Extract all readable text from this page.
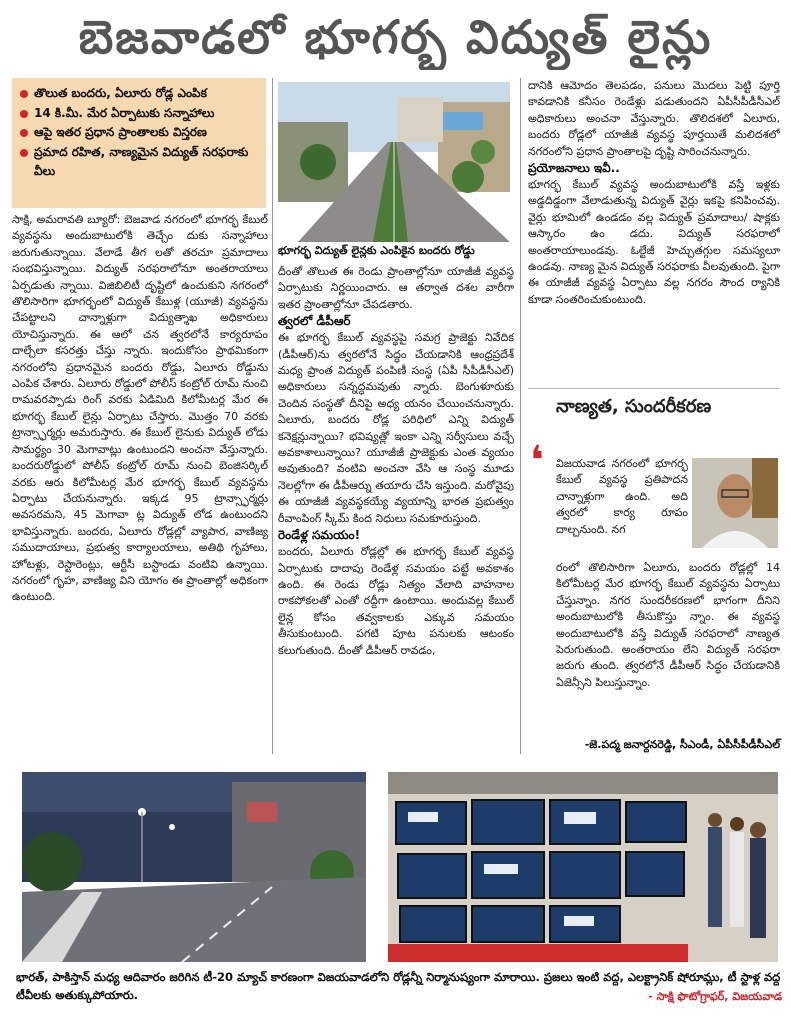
బెజవాడలో భూగర్భ విద్యుత్ లైన్లు
తొలుత బందరు, ఏలూరు రోడ్ల ఎంపిక
14 కి.మీ. మేర ఏర్పాటుకు సన్నాహాలు
ఆపై ఇతర ప్రధాన ప్రాంతాలకు విస్తరణ
ప్రమాద రహిత, నాణ్యమైన విద్యుత్ సరఫరాకు వీలు

సాక్షి, అమరావతి బ్యూరో: బెజవాడ నగరంలో భూగర్భ కేబుల్ వ్యవస్థను అందుబాటులోకి తెచ్చేం దుకు సన్నాహాలు జరుగుతున్నాయి. వేలాడే తీగ లతో తరచూ ప్రమాదాలు సంభవిస్తున్నాయి. విద్యుత్ సరఫరాలోనూ అంతరాయాలు ఏర్పడుతు న్నాయి. విజిబిలిటీ దృష్టిలో ఉంచుకుని నగరంలో తొలిసారిగా భూగర్భంలో విద్యుత్ కేబుళ్ల (యూజీ) వ్యవస్థను చేపట్టాలని చాన్నాళ్లుగా విద్యుత్శాఖ అధికారులు యోచిస్తున్నారు. ఈ ఆలో చన త్వరలోనే కార్యరూపం దాల్చేలా కసరత్తు చేస్తు న్నారు. ఇందుకోసం ప్రాథమికంగా నగరంలోని ప్రధానమైన బందరు రోడ్డు, ఏలూరు రోడ్డును ఎంపిక చేశారు. ఏలూరు రోడ్డులో పోలీస్ కంట్రోల్ రూమ్ నుంచి రామవరప్పాడు రింగ్ వరకు ఏడిమిది కిలోమీటర్ల మేర ఈ భూగర్భ కేబుల్ లైన్లు ఏర్పాటు చేస్తారు. మొత్తం 70 వరకు ట్రాన్స్ఫార్మర్లు అమరుస్తారు. ఈ కేబుల్ లైనుకు విద్యుత్ లోడు సామర్థ్యం 30 మెగావాట్లు ఉంటుందని అంచనా వేస్తున్నారు. బందరురోడ్డులో పోలీస్ కంట్రోల్ రూమ్ నుంచి బెంజిసర్కిల్ వరకు ఆరు కిలోమీటర్ల మేర భూగర్భ కేబుల్ వ్యవస్థను ఏర్పాటు చేయనున్నారు. ఇక్కడ 95 ట్రాన్స్ఫార్మర్లు అవసరమని, 45 మెగావా ట్ల విద్యుత్ లోడ ఉంటుందని భావిస్తున్నారు. బందరు, ఏలూరు రోడ్లల్లో వ్యాపార, వాణిజ్య సముదాయాలు, ప్రభుత్వ కార్యాలయాలు, అతిథి గృహాలు, హోటళ్లు, రెస్టారెంట్లు, ఆర్టీసీ బస్టాండు వంటివి ఉన్నాయి. నగరంలో గృహ, వాణిజ్య విని యోగం ఈ ప్రాంతాల్లో అధికంగా ఉంటుంది.

భూగర్భ విద్యుత్ లైన్లకు ఎంపికైన బందరు రోడ్డు

దీంతో తొలుత ఈ రెండు ప్రాంతాల్లోనూ యాజీజీ వ్యవస్థ ఏర్పాటుకు నిర్ణయించారు. ఆ తర్వాత దశల వారీగా ఇతర ప్రాంతాల్లోనూ చేపడతారు.

త్వరలో డీపీఆర్

ఈ భూగర్భ కేబుల్ వ్యవస్థపై సమగ్ర ప్రాజెక్టు నివేదిక (డీపీఆర్)ను త్వరలోనే సిద్ధం చేయడానికి ఆంధ్రప్రదేశ్ మధ్య ప్రాంత విద్యుత్ పంపిణీ సంస్థ (ఏపీ సీపీడీసీఎల్) అధికారులు సన్నద్ధమవుతు న్నారు. బెంగుళూరుకు చెందిన సంస్థతో దీనిపై అధ్య యనం చేయించనున్నారు. ఏలూరు, బందరు రోడ్ల పరిధిలో ఎన్ని విద్యుత్ కనెక్షన్లున్నాయి? భవిష్యత్లో ఇంకా ఎన్ని సర్వీసులు వచ్చే అవకాశాలున్నాయి? యూజీజీ ప్రాజెక్టుకు ఎంత వ్యయం అవుతుంది? వంటివి అంచనా వేసి ఆ సంస్థ మూడు నెలల్లోగా ఈ డీపీఆర్ను తయారు చేసి ఇస్తుంది. మరోవైపు ఈ యాజీజీ వ్యవస్థకయ్యే వ్యయాన్ని భారత ప్రభుత్వం రీవాంపింగ్ స్కీమ్ కింద నిధులు సమకూరుస్తుంది.

రెండేళ్ల సమయం!

బందరు, ఏలూరు రోడ్లల్లో ఈ భూగర్భ కేబుల్ వ్యవస్థ ఏర్పాటుకు దాదాపు రెండేళ్ల సమయం పట్టే అవకాశం ఉంది. ఈ రెండు రోడ్లు నిత్యం వేలాది వాహనాల రాకపోకలతో ఎంతో రద్దీగా ఉంటాయి. అందువల్ల కేబుల్ లైన్ల కోసం తవ్వకాలకు ఎక్కువ సమయం తీసుకుంటుంది. పగటి పూట పనులకు ఆటంకం కలుగుతుంది. దీంతో డీపీఆర్ రావడం,

దానికి ఆమోదం తెలపడం, పనులు మొదలు పెట్టి పూర్తి కావడానికి కనీసం రెండేళ్లు పడుతుందని ఏపీసీపీడీసీఎల్ అధికారులు అంచనా వేస్తున్నారు. తొలిదశలో ఏలూరు, బందరు రోడ్లలో యాజీజీ వ్యవస్థ పూర్తయితే మలిదశలో నగరంలోని ప్రధాన ప్రాంతాలపై దృష్టి సారించనున్నారు.

ప్రయోజనాలు ఇవీ..

భూగర్భ కేబుల్ వ్యవస్థ అందుబాటులోకి వస్తే ఇళ్లకు అడ్డదిడ్డంగా వేలాడుతున్న విద్యుత్ వైర్లు ఇకపై కనిపించవు. వైర్లు భూమిలో ఉండడం వల్ల విద్యుత్ ప్రమాదాలు/ షాక్లకు ఆస్కారం ఉం డదు. విద్యుత్ సరఫరాలో అంతరాయాలుండవు. ఓల్టేజీ హెచ్చుతగ్గుల సమస్యలూ ఉండవు. నాణ్య మైన విద్యుత్ సరఫరాకు వీలవుతుంది. పైగా ఈ యాజీజీ వ్యవస్థ ఏర్పాటు వల్ల నగరం సౌంద ర్యానికి కూడా సంతరించుకుంటుంది.

నాణ్యత, సుందరీకరణ
❛	విజయవాడ నగరంలో భూగర్భ కేబుల్ వ్యవస్థ ప్రతిపాదన చాన్నాళ్లుగా ఉంది. అది త్వరలో కార్య రూపం దాల్చనుంది. నగ
రంలో తొలిసారిగా ఏలూరు, బందరు రోడ్లల్లో 14 కిలోమీటర్ల మేర భూగర్భ కేబుల్ వ్యవస్థను ఏర్పాటు చేస్తున్నాం. నగర సుందరీకరణలో భాగంగా దీనిని అందుబాటులోకి తీసుకొస్తు న్నాం. ఈ వ్యవస్థ అందుబాటులోకి వస్తే విద్యుత్ సరఫరాలో నాణ్యత పెరుగుతుంది. అంతరాయం లేని విద్యుత్ సరఫరా జరుగు తుంది. త్వరలోనే డీపీఆర్ సిద్ధం చేయడానికి ఏజెన్సీని పిలుస్తున్నాం.
-జె.పద్మ జనార్దనరెడ్డి, సీఎండీ, ఏపీసీపీడీసీఎల్
భారత్, పాకిస్తాన్ మధ్య ఆదివారం జరిగిన టీ-20 మ్యాచ్ కారణంగా విజయవాడలోని రోడ్లన్నీ నిర్మానుష్యంగా మారాయి. ప్రజలు ఇంటి వద్ద, ఎలక్ట్రానిక్ షోరూమ్లు, టీ స్టాళ్ల వద్ద టీవీలకు అతుక్కుపోయారు.	- సాక్షి ఫొటోగ్రాఫర్, విజయవాడ
